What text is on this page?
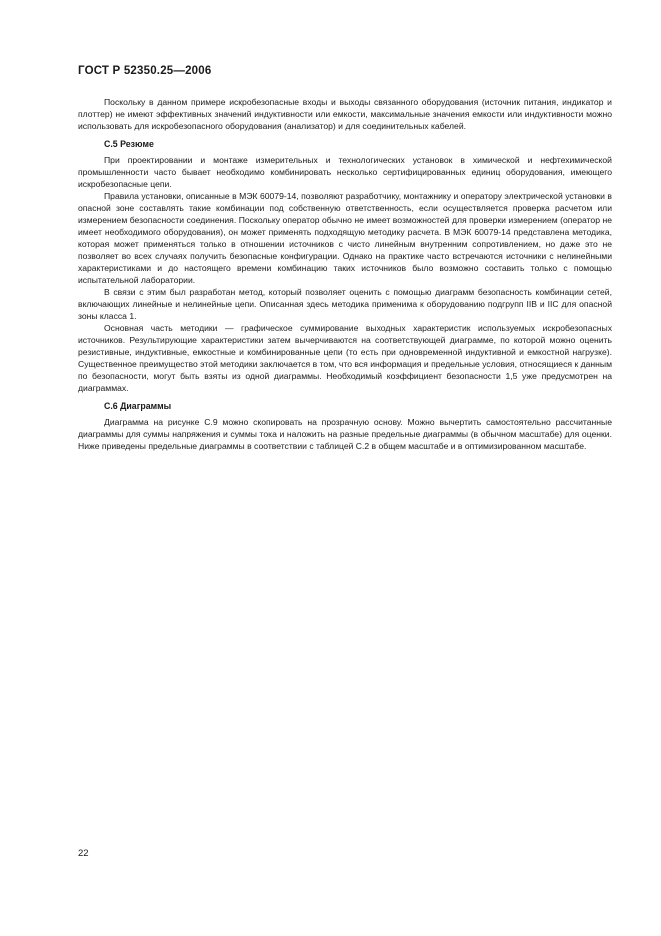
ГОСТ Р 52350.25—2006

Поскольку в данном примере искробезопасные входы и выходы связанного оборудования (источник питания, индикатор и плоттер) не имеют эффективных значений индуктивности или емкости, максимальные значения емкости или индуктивности можно использовать для искробезопасного оборудования (анализатор) и для соединительных кабелей.

С.5 Резюме

При проектировании и монтаже измерительных и технологических установок в химической и нефтехимической промышленности часто бывает необходимо комбинировать несколько сертифицированных единиц оборудования, имеющего искробезопасные цепи.

Правила установки, описанные в МЭК 60079-14, позволяют разработчику, монтажнику и оператору электрической установки в опасной зоне составлять такие комбинации под собственную ответственность, если осуществляется проверка расчетом или измерением безопасности соединения. Поскольку оператор обычно не имеет возможностей для проверки измерением (оператор не имеет необходимого оборудования), он может применять подходящую методику расчета. В МЭК 60079-14 представлена методика, которая может применяться только в отношении источников с чисто линейным внутренним сопротивлением, но даже это не позволяет во всех случаях получить безопасные конфигурации. Однако на практике часто встречаются источники с нелинейными характеристиками и до настоящего времени комбинацию таких источников было возможно составить только с помощью испытательной лаборатории.

В связи с этим был разработан метод, который позволяет оценить с помощью диаграмм безопасность комбинации сетей, включающих линейные и нелинейные цепи. Описанная здесь методика применима к оборудованию подгрупп IIB и IIC для опасной зоны класса 1.

Основная часть методики — графическое суммирование выходных характеристик используемых искробезопасных источников. Результирующие характеристики затем вычерчиваются на соответствующей диаграмме, по которой можно оценить резистивные, индуктивные, емкостные и комбинированные цепи (то есть при одновременной индуктивной и емкостной нагрузке). Существенное преимущество этой методики заключается в том, что вся информация и предельные условия, относящиеся к данным по безопасности, могут быть взяты из одной диаграммы. Необходимый коэффициент безопасности 1,5 уже предусмотрен на диаграммах.

С.6 Диаграммы

Диаграмма на рисунке С.9 можно скопировать на прозрачную основу. Можно вычертить самостоятельно рассчитанные диаграммы для суммы напряжения и суммы тока и наложить на разные предельные диаграммы (в обычном масштабе) для оценки. Ниже приведены предельные диаграммы в соответствии с таблицей С.2 в общем масштабе и в оптимизированном масштабе.

22
